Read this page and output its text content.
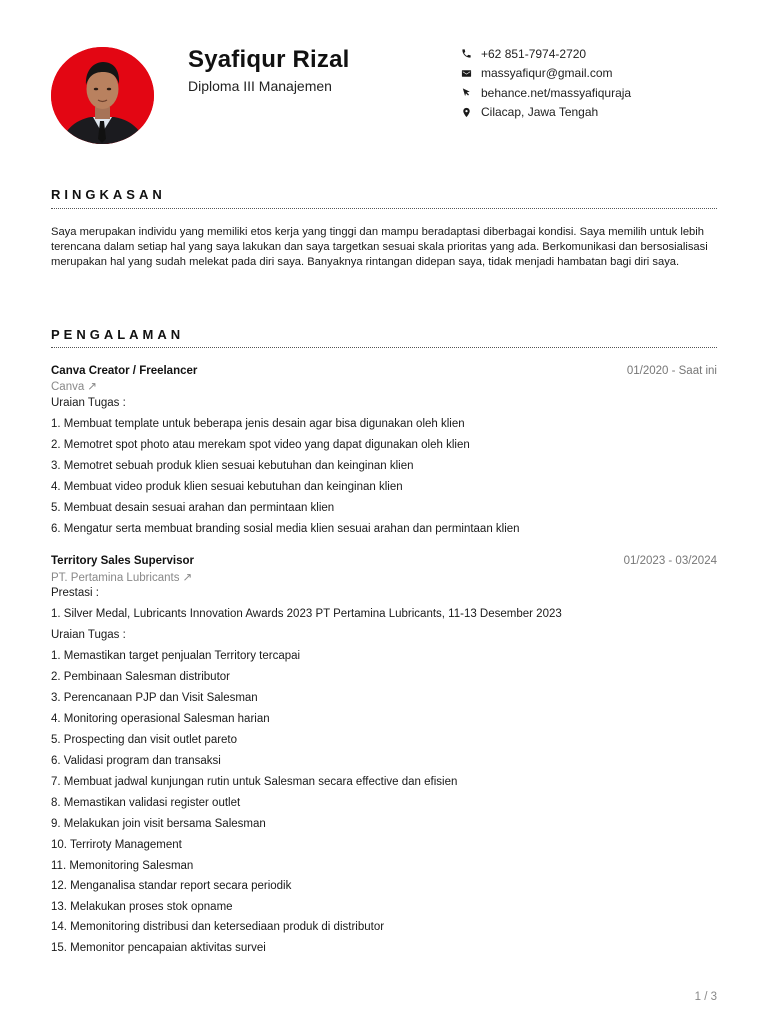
Syafiqur Rizal
Diploma III Manajemen
+62 851-7974-2720
massyafiqur@gmail.com
behance.net/massyafiquraja
Cilacap, Jawa Tengah
RINGKASAN
Saya merupakan individu yang memiliki etos kerja yang tinggi dan mampu beradaptasi diberbagai kondisi. Saya memilih untuk lebih terencana dalam setiap hal yang saya lakukan dan saya targetkan sesuai skala prioritas yang ada. Berkomunikasi dan bersosialisasi merupakan hal yang sudah melekat pada diri saya. Banyaknya rintangan didepan saya, tidak menjadi hambatan bagi diri saya.
PENGALAMAN
Canva Creator / Freelancer	01/2020 - Saat ini
Canva ↗
Uraian Tugas :
1. Membuat template untuk beberapa jenis desain agar bisa digunakan oleh klien
2. Memotret spot photo atau merekam spot video yang dapat digunakan oleh klien
3. Memotret sebuah produk klien sesuai kebutuhan dan keinginan klien
4. Membuat video produk klien sesuai kebutuhan dan keinginan klien
5. Membuat desain sesuai arahan dan permintaan klien
6. Mengatur serta membuat branding sosial media klien sesuai arahan dan permintaan klien
Territory Sales Supervisor	01/2023 - 03/2024
PT. Pertamina Lubricants ↗
Prestasi :
1. Silver Medal, Lubricants Innovation Awards 2023 PT Pertamina Lubricants, 11-13 Desember 2023
Uraian Tugas :
1. Memastikan target penjualan Territory tercapai
2. Pembinaan Salesman distributor
3. Perencanaan PJP dan Visit Salesman
4. Monitoring operasional Salesman harian
5. Prospecting dan visit outlet pareto
6. Validasi program dan transaksi
7. Membuat jadwal kunjungan rutin untuk Salesman secara effective dan efisien
8. Memastikan validasi register outlet
9. Melakukan join visit bersama Salesman
10. Terriroty Management
11. Memonitoring Salesman
12. Menganalisa standar report secara periodik
13. Melakukan proses stok opname
14. Memonitoring distribusi dan ketersediaan produk di distributor
15. Memonitor pencapaian aktivitas survei
1 / 3
